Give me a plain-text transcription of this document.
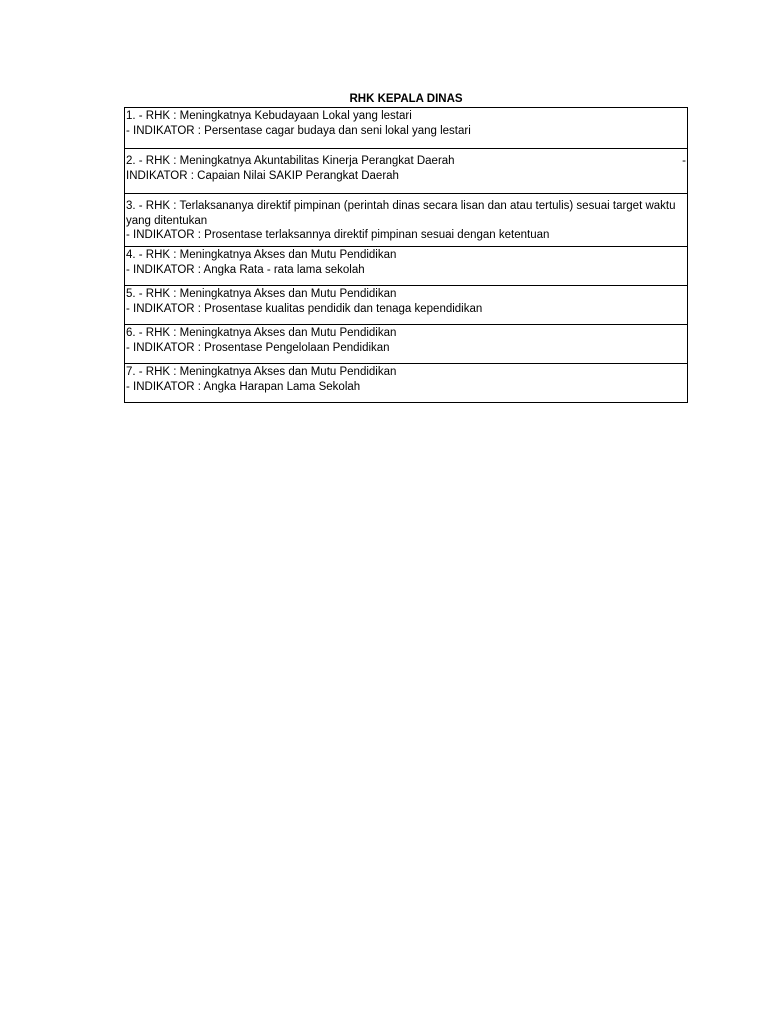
RHK KEPALA DINAS
1. - RHK : Meningkatnya Kebudayaan Lokal yang lestari
- INDIKATOR : Persentase cagar budaya dan seni lokal yang lestari

2. - RHK : Meningkatnya Akuntabilitas Kinerja Perangkat Daerah	-
INDIKATOR : Capaian Nilai SAKIP Perangkat Daerah

3. - RHK : Terlaksananya direktif pimpinan (perintah dinas secara lisan dan atau tertulis) sesuai target waktu yang ditentukan
- INDIKATOR : Prosentase terlaksannya direktif pimpinan sesuai dengan ketentuan

4. - RHK : Meningkatnya Akses dan Mutu Pendidikan
- INDIKATOR : Angka Rata - rata lama sekolah

5. - RHK : Meningkatnya Akses dan Mutu Pendidikan
- INDIKATOR : Prosentase kualitas pendidik dan tenaga kependidikan

6. - RHK : Meningkatnya Akses dan Mutu Pendidikan
- INDIKATOR : Prosentase Pengelolaan Pendidikan

7. - RHK : Meningkatnya Akses dan Mutu Pendidikan
- INDIKATOR : Angka Harapan Lama Sekolah
